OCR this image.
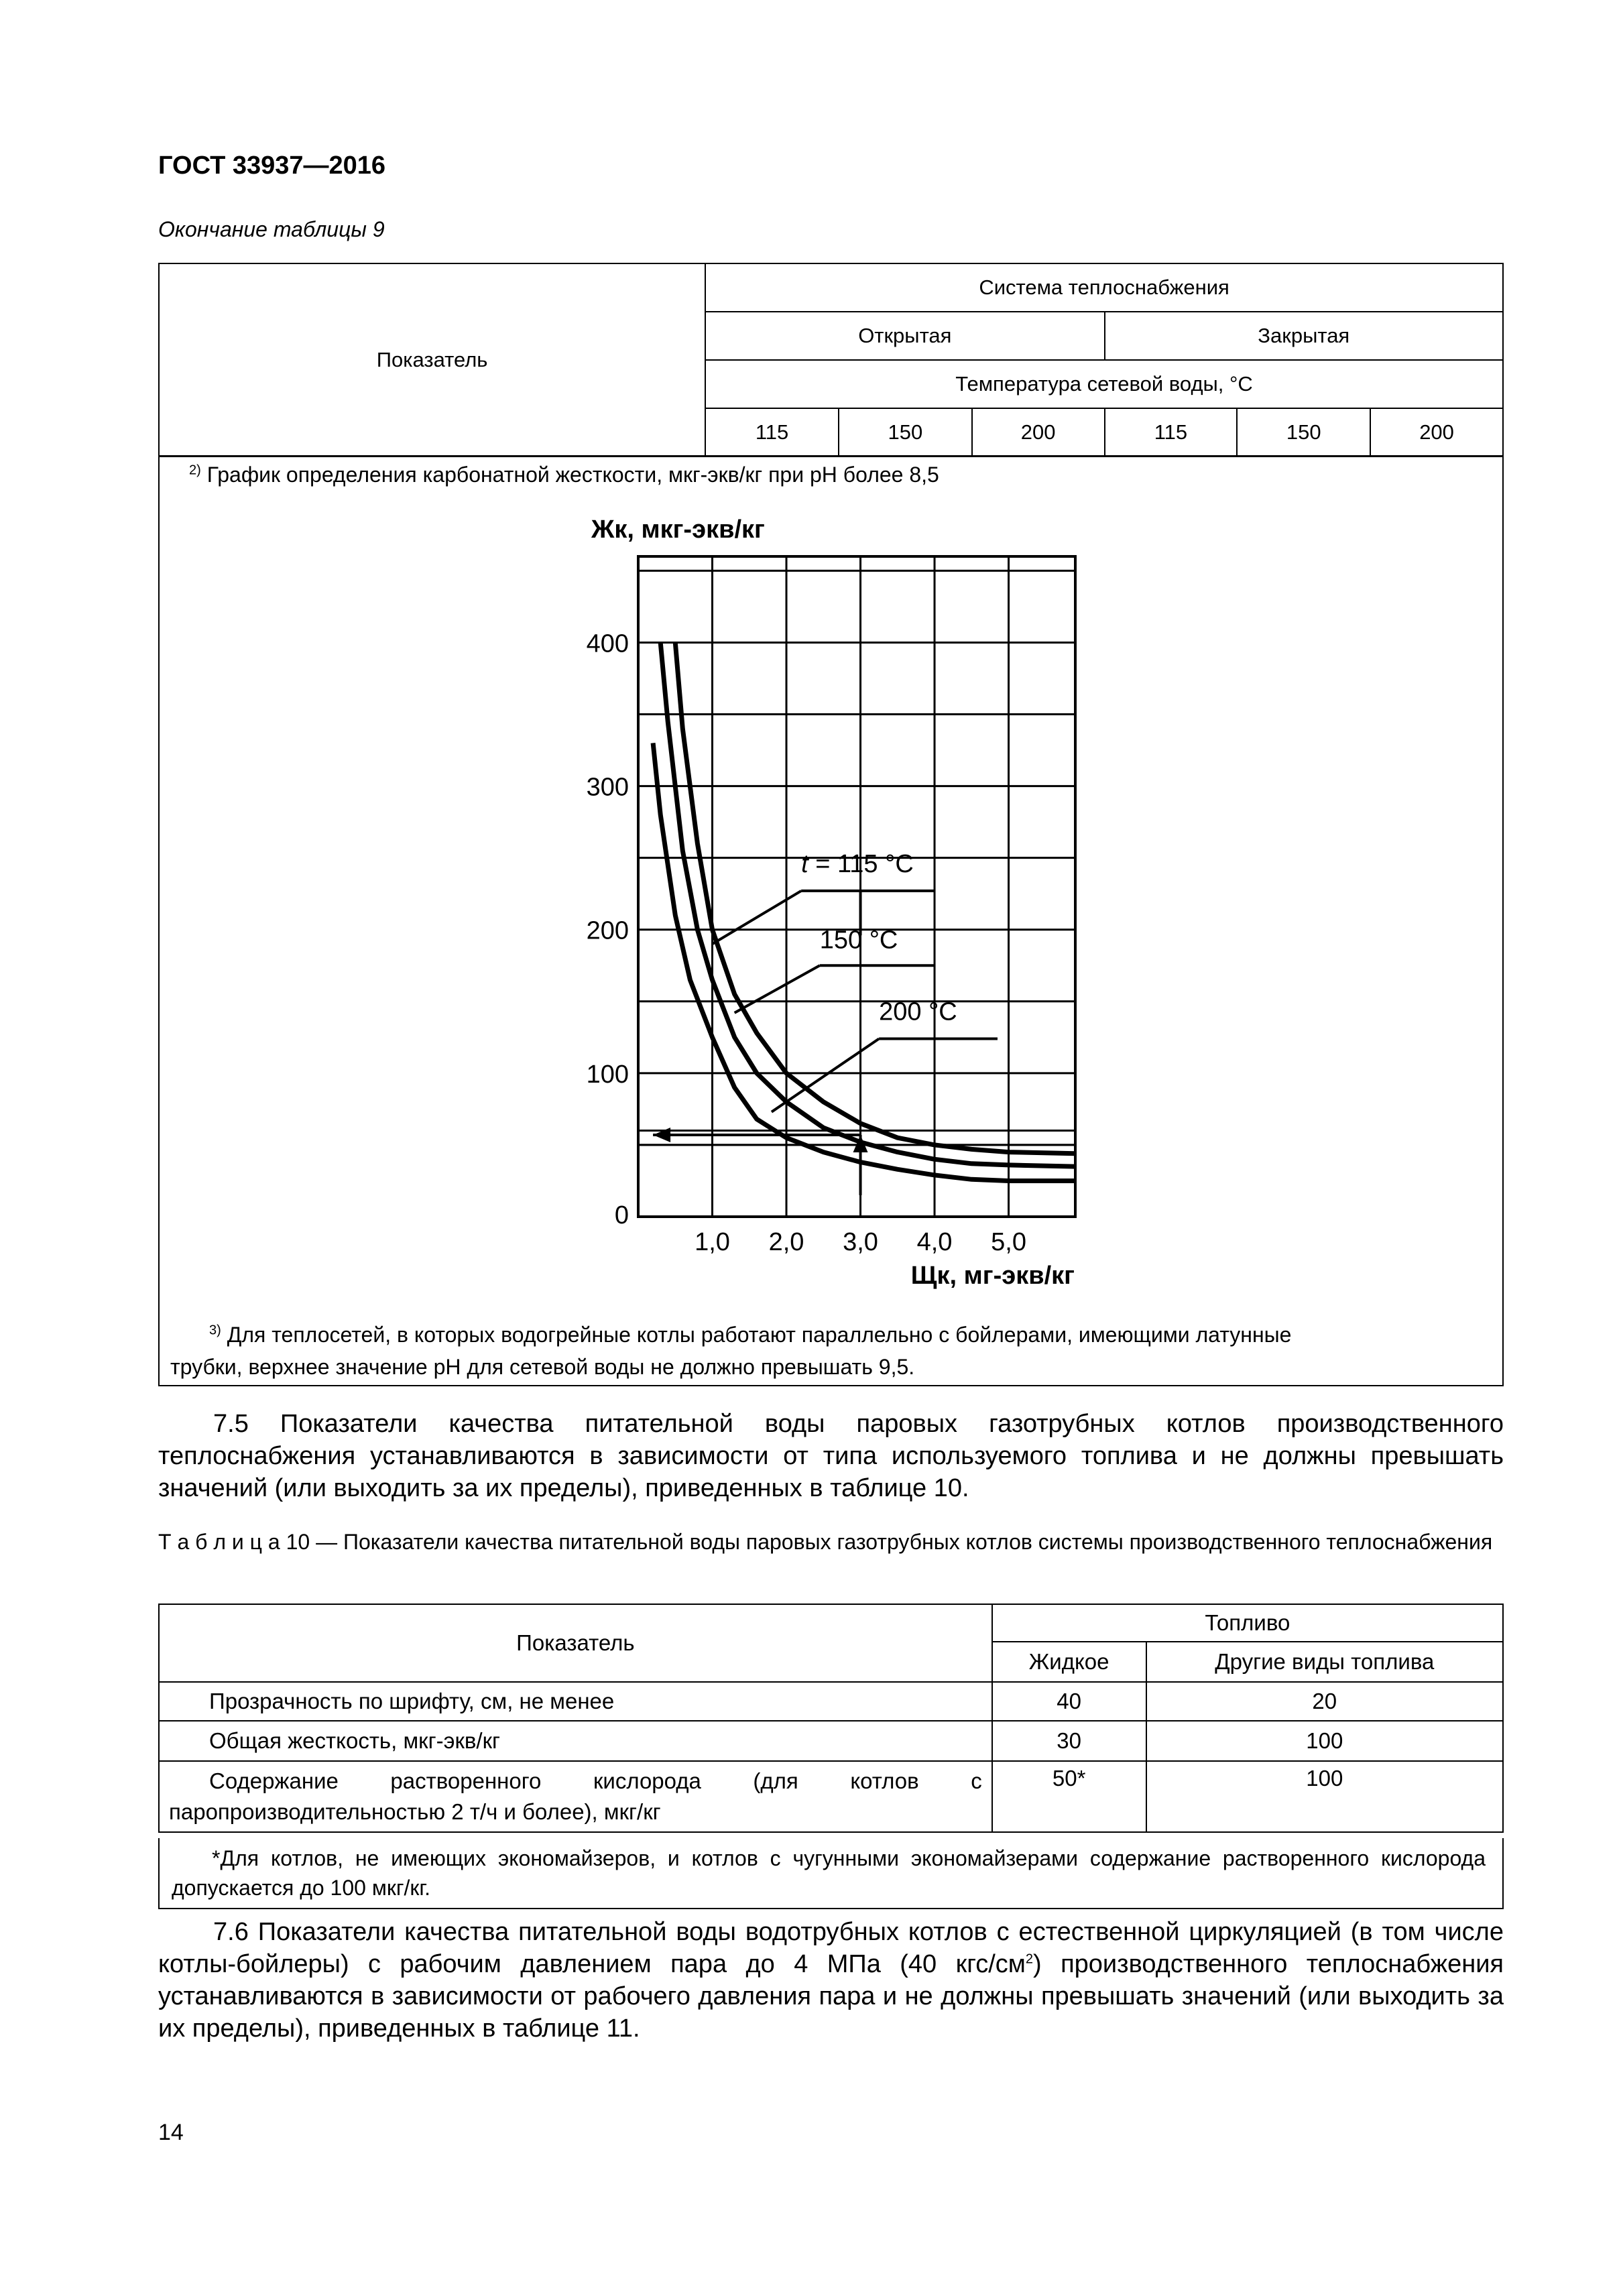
ГОСТ 33937—2016
Окончание таблицы 9
Показатель	Система теплоснабжения					
	Открытая			Закрытая		
	Температура сетевой воды, °С					
	115	150	200	115	150	200
$^{2)}$ График определения карбонатной жесткости, мкг-экв/кг при рН более 8,5
Жк, мкг-экв/кг
Щк, мг-экв/кг
400
300
200
100
0
1,0 2,0 3,0 4,0 5,0
t = 115 °С
150 °С
200 °С
$^{3)}$ Для теплосетей, в которых водогрейные котлы работают параллельно с бойлерами, имеющими латунные
трубки, верхнее значение рН для сетевой воды не должно превышать 9,5.
7.5 Показатели качества питательной воды паровых газотрубных котлов производственного теплоснабжения устанавливаются в зависимости от типа используемого топлива и не должны превышать значений (или выходить за их пределы), приведенных в таблице 10.
Т а б л и ц а 10 — Показатели качества питательной воды паровых газотрубных котлов системы производственного теплоснабжения
Показатель	Топливо	
	Жидкое	Другие виды топлива
Прозрачность по шрифту, см, не менее	40	20
Общая жесткость, мкг-экв/кг	30	100
Содержание растворенного кислорода (для котлов с паропроизводительностью 2 т/ч и более), мкг/кг	50*	100
*Для котлов, не имеющих экономайзеров, и котлов с чугунными экономайзерами содержание растворенного кислорода допускается до 100 мкг/кг.
7.6 Показатели качества питательной воды водотрубных котлов с естественной циркуляцией (в том числе котлы-бойлеры) с рабочим давлением пара до 4 МПа (40 кгс/$см^2$) производственного теплоснабжения устанавливаются в зависимости от рабочего давления пара и не должны превышать значений (или выходить за их пределы), приведенных в таблице 11.
14
